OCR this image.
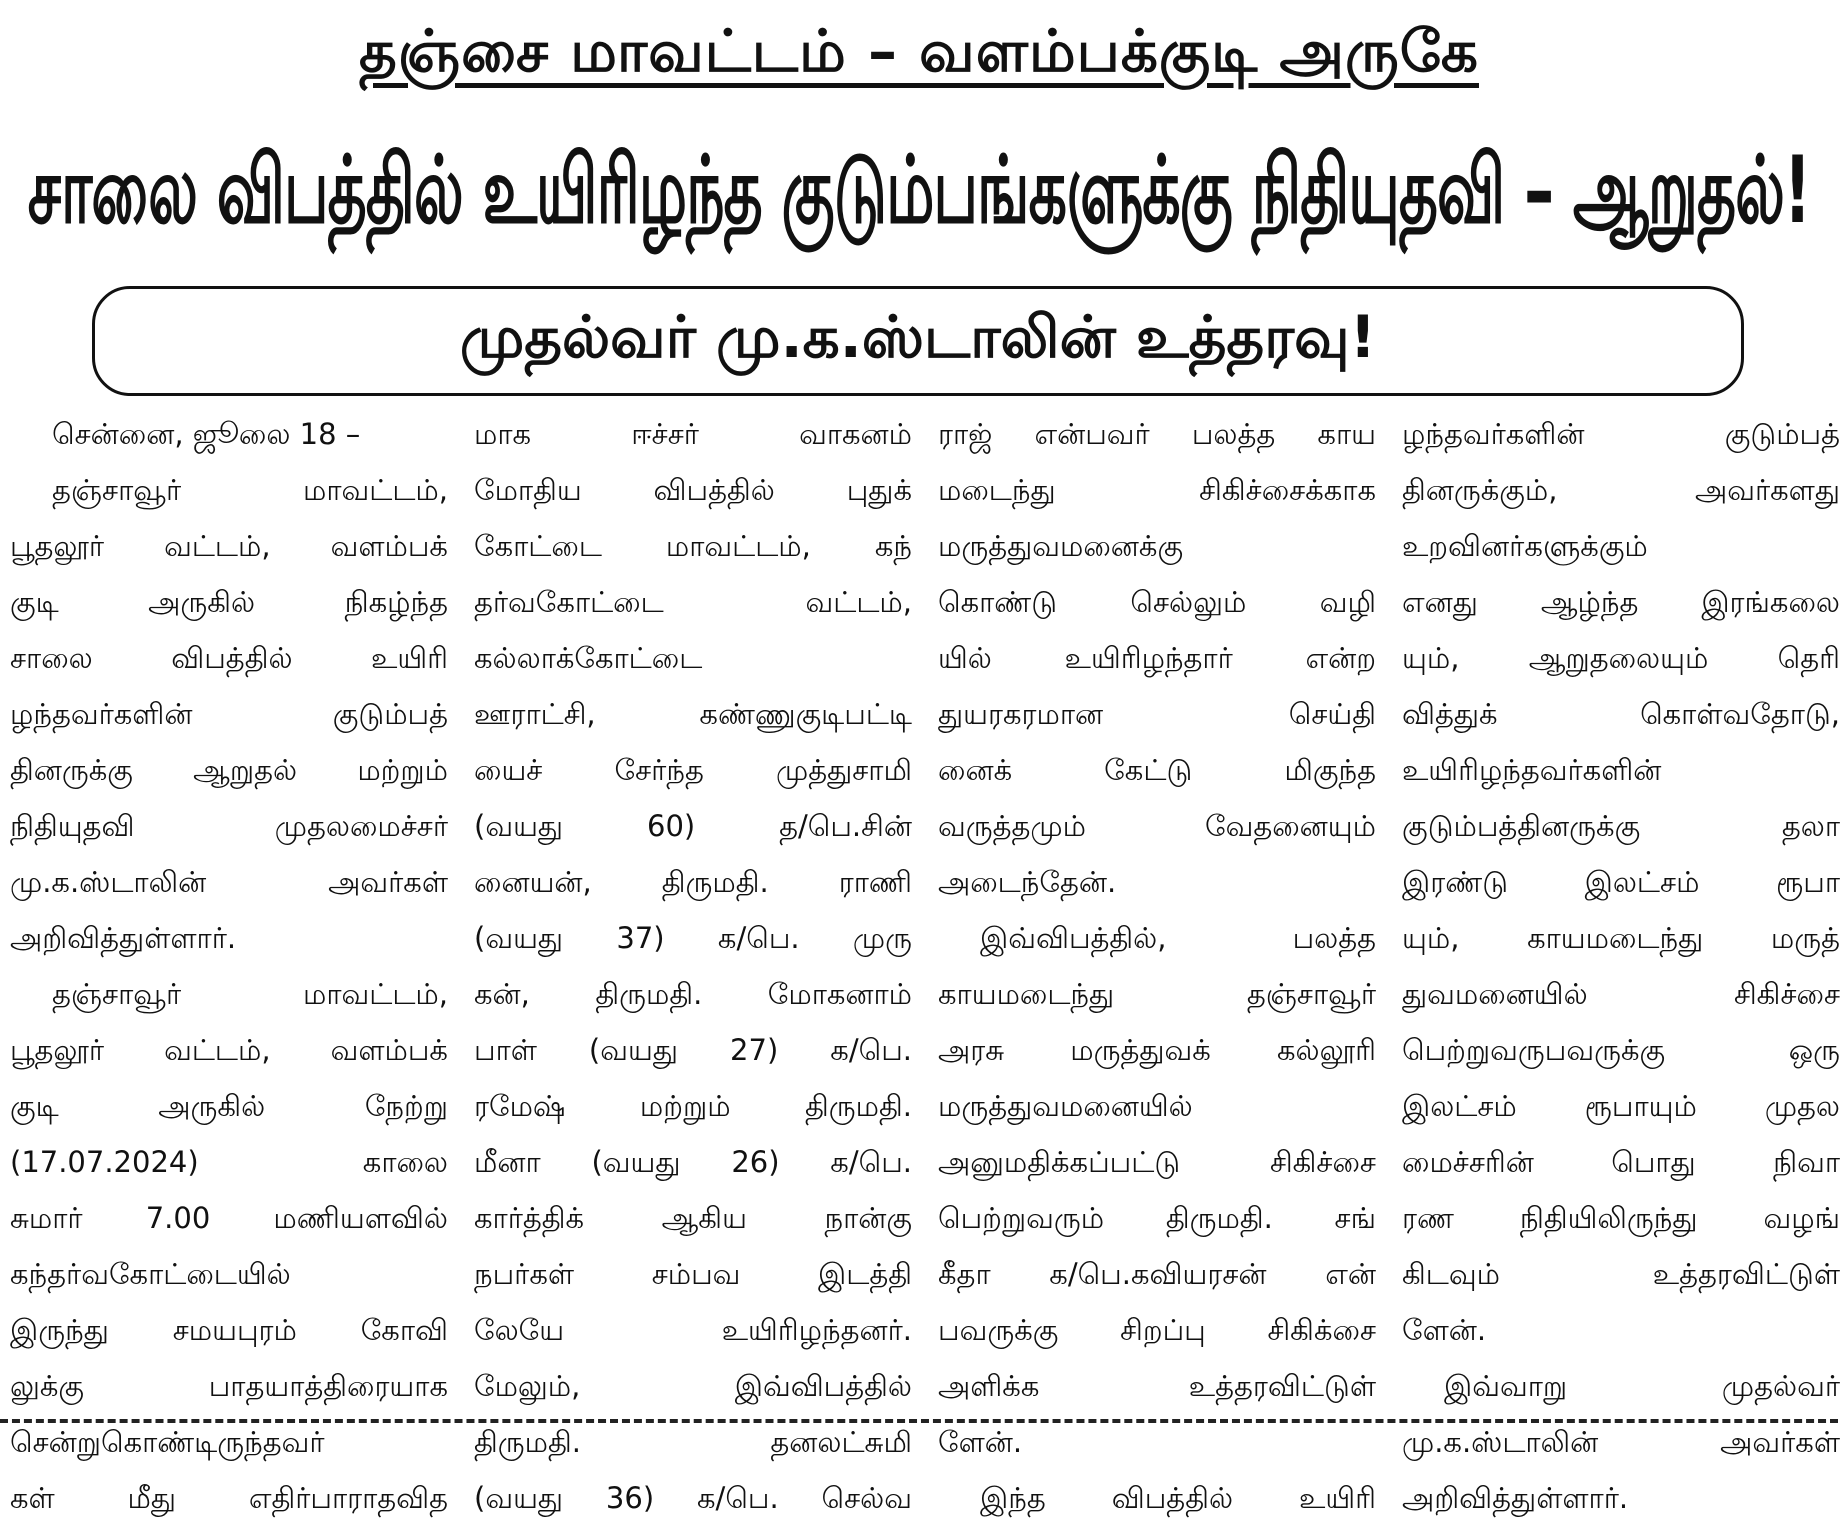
தஞ்சை மாவட்டம் – வளம்பக்குடி அருகே
சாலை விபத்தில் உயிரிழந்த குடும்பங்களுக்கு நிதியுதவி – ஆறுதல்!
முதல்வர் மு.க.ஸ்டாலின் உத்தரவு!
சென்னை, ஜூலை 18 –
தஞ்சாவூர் மாவட்டம்,
பூதலூர் வட்டம், வளம்பக்
குடி அருகில் நிகழ்ந்த
சாலை விபத்தில் உயிரி
ழந்தவர்களின் குடும்பத்
தினருக்கு ஆறுதல் மற்றும்
நிதியுதவி முதலமைச்சர்
மு.க.ஸ்டாலின் அவர்கள்
அறிவித்துள்ளார்.
தஞ்சாவூர் மாவட்டம்,
பூதலூர் வட்டம், வளம்பக்
குடி அருகில் நேற்று
(17.07.2024) காலை
சுமார் 7.00 மணியளவில்
கந்தர்வகோட்டையில்
இருந்து சமயபுரம் கோவி
லுக்கு பாதயாத்திரையாக
சென்றுகொண்டிருந்தவர்
கள் மீது எதிர்பாராதவித
மாக ஈச்சர் வாகனம்
மோதிய விபத்தில் புதுக்
கோட்டை மாவட்டம், கந்
தர்வகோட்டை வட்டம்,
கல்லாக்கோட்டை
ஊராட்சி, கண்ணுகுடிபட்டி
யைச் சேர்ந்த முத்துசாமி
(வயது 60) த/பெ.சின்
னையன், திருமதி. ராணி
(வயது 37) க/பெ. முரு
கன், திருமதி. மோகனாம்
பாள் (வயது 27) க/பெ.
ரமேஷ் மற்றும் திருமதி.
மீனா (வயது 26) க/பெ.
கார்த்திக் ஆகிய நான்கு
நபர்கள் சம்பவ இடத்தி
லேயே உயிரிழந்தனர்.
மேலும், இவ்விபத்தில்
திருமதி. தனலட்சுமி
(வயது 36) க/பெ. செல்வ
ராஜ் என்பவர் பலத்த காய
மடைந்து சிகிச்சைக்காக
மருத்துவமனைக்கு
கொண்டு செல்லும் வழி
யில் உயிரிழந்தார் என்ற
துயரகரமான செய்தி
னைக் கேட்டு மிகுந்த
வருத்தமும் வேதனையும்
அடைந்தேன்.
இவ்விபத்தில், பலத்த
காயமடைந்து தஞ்சாவூர்
அரசு மருத்துவக் கல்லூரி
மருத்துவமனையில்
அனுமதிக்கப்பட்டு சிகிச்சை
பெற்றுவரும் திருமதி. சங்
கீதா க/பெ.கவியரசன் என்
பவருக்கு சிறப்பு சிகிக்சை
அளிக்க உத்தரவிட்டுள்
ளேன்.
இந்த விபத்தில் உயிரி
ழந்தவர்களின் குடும்பத்
தினருக்கும், அவர்களது
உறவினர்களுக்கும்
எனது ஆழ்ந்த இரங்கலை
யும், ஆறுதலையும் தெரி
வித்துக் கொள்வதோடு,
உயிரிழந்தவர்களின்
குடும்பத்தினருக்கு தலா
இரண்டு இலட்சம் ரூபா
யும், காயமடைந்து மருத்
துவமனையில் சிகிச்சை
பெற்றுவருபவருக்கு ஒரு
இலட்சம் ரூபாயும் முதல
மைச்சரின் பொது நிவா
ரண நிதியிலிருந்து வழங்
கிடவும் உத்தரவிட்டுள்
ளேன்.
இவ்வாறு முதல்வர்
மு.க.ஸ்டாலின் அவர்கள்
அறிவித்துள்ளார்.
